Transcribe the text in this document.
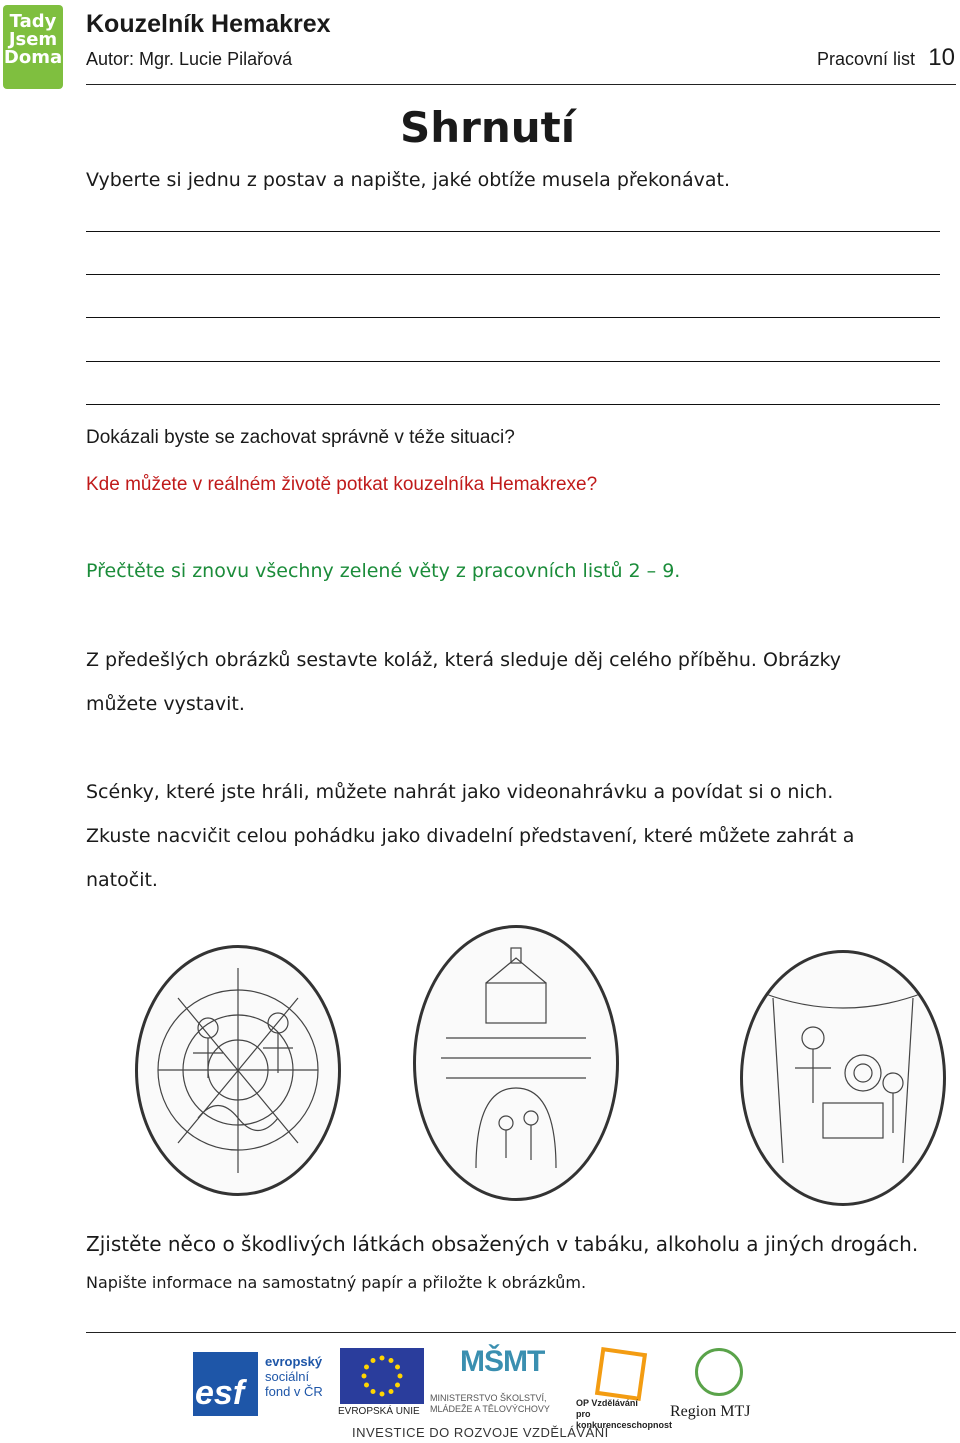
Tady
Jsem
Doma
Kouzelník Hemakrex
Autor: Mgr. Lucie Pilařová	Pracovní list 10
Shrnutí
Vyberte si jednu z postav a napište, jaké obtíže musela překonávat.
Dokázali byste se zachovat správně v téže situaci?
Kde můžete v reálném životě potkat kouzelníka Hemakrexe?
Přečtěte si znovu všechny zelené věty z pracovních listů 2 – 9.
Z předešlých obrázků sestavte koláž, která sleduje děj celého příběhu. Obrázky
můžete vystavit.
Scénky, které jste hráli, můžete nahrát jako videonahrávku a povídat si o nich.
Zkuste nacvičit celou pohádku jako divadelní představení, které můžete zahrát a
natočit.
Zjistěte něco o škodlivých látkách obsažených v tabáku, alkoholu a jiných drogách.
Napište informace na samostatný papír a přiložte k obrázkům.
esf
evropský
sociální
fond v ČR
EVROPSKÁ UNIE
MŠMT
MINISTERSTVO ŠKOLSTVÍ,
MLÁDEŽE A TĚLOVÝCHOVY
OP Vzdělávání
pro konkurenceschopnost
Region MTJ
INVESTICE DO ROZVOJE VZDĚLÁVÁNÍ
